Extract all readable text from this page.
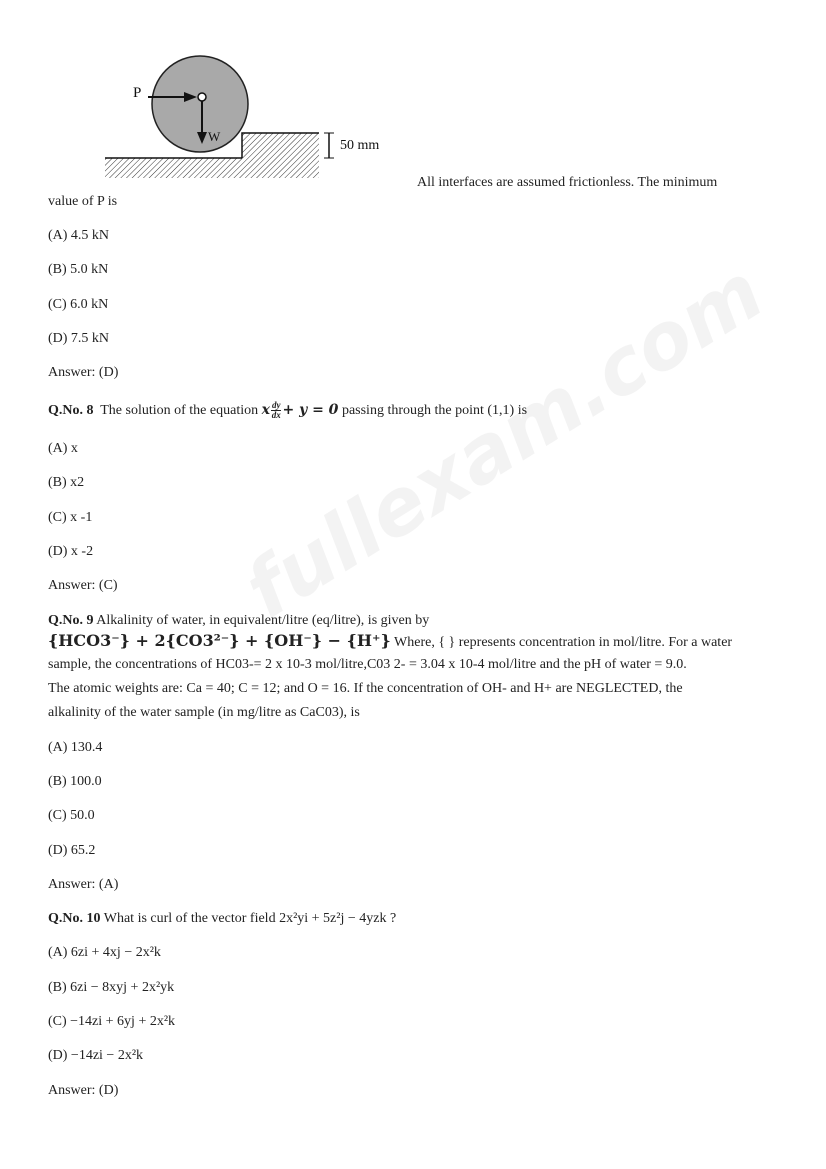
P
W
50 mm
All interfaces are assumed frictionless. The minimum
value of P is
(A) 4.5 kN
(B) 5.0 kN
(C) 6.0 kN
(D) 7.5 kN
Answer: (D)
Q.No. 8 The solution of the equation x $\frac{dy}{dx} + y = 0$ passing through the point (1,1) is
(A) x
(B) x2
(C) x -1
(D) x -2
Answer: (C)
Q.No. 9 Alkalinity of water, in equivalent/litre (eq/litre), is given by
{HCO3⁻} + 2{CO3²⁻} + {OH⁻} − {H⁺} Where, { } represents concentration in mol/litre. For a water
sample, the concentrations of HC03-= 2 x 10-3 mol/litre,C03 2- = 3.04 x 10-4 mol/litre and the pH of water = 9.0.
The atomic weights are: Ca = 40; C = 12; and O = 16. If the concentration of OH- and H+ are NEGLECTED, the
alkalinity of the water sample (in mg/litre as CaC03), is
(A) 130.4
(B) 100.0
(C) 50.0
(D) 65.2
Answer: (A)
Q.No. 10 What is curl of the vector field 2x²yi + 5z²j − 4yzk ?
(A) 6zi + 4xj − 2x²k
(B) 6zi − 8xyj + 2x²yk
(C) −14zi + 6yj + 2x²k
(D) −14zi − 2x²k
Answer: (D)
